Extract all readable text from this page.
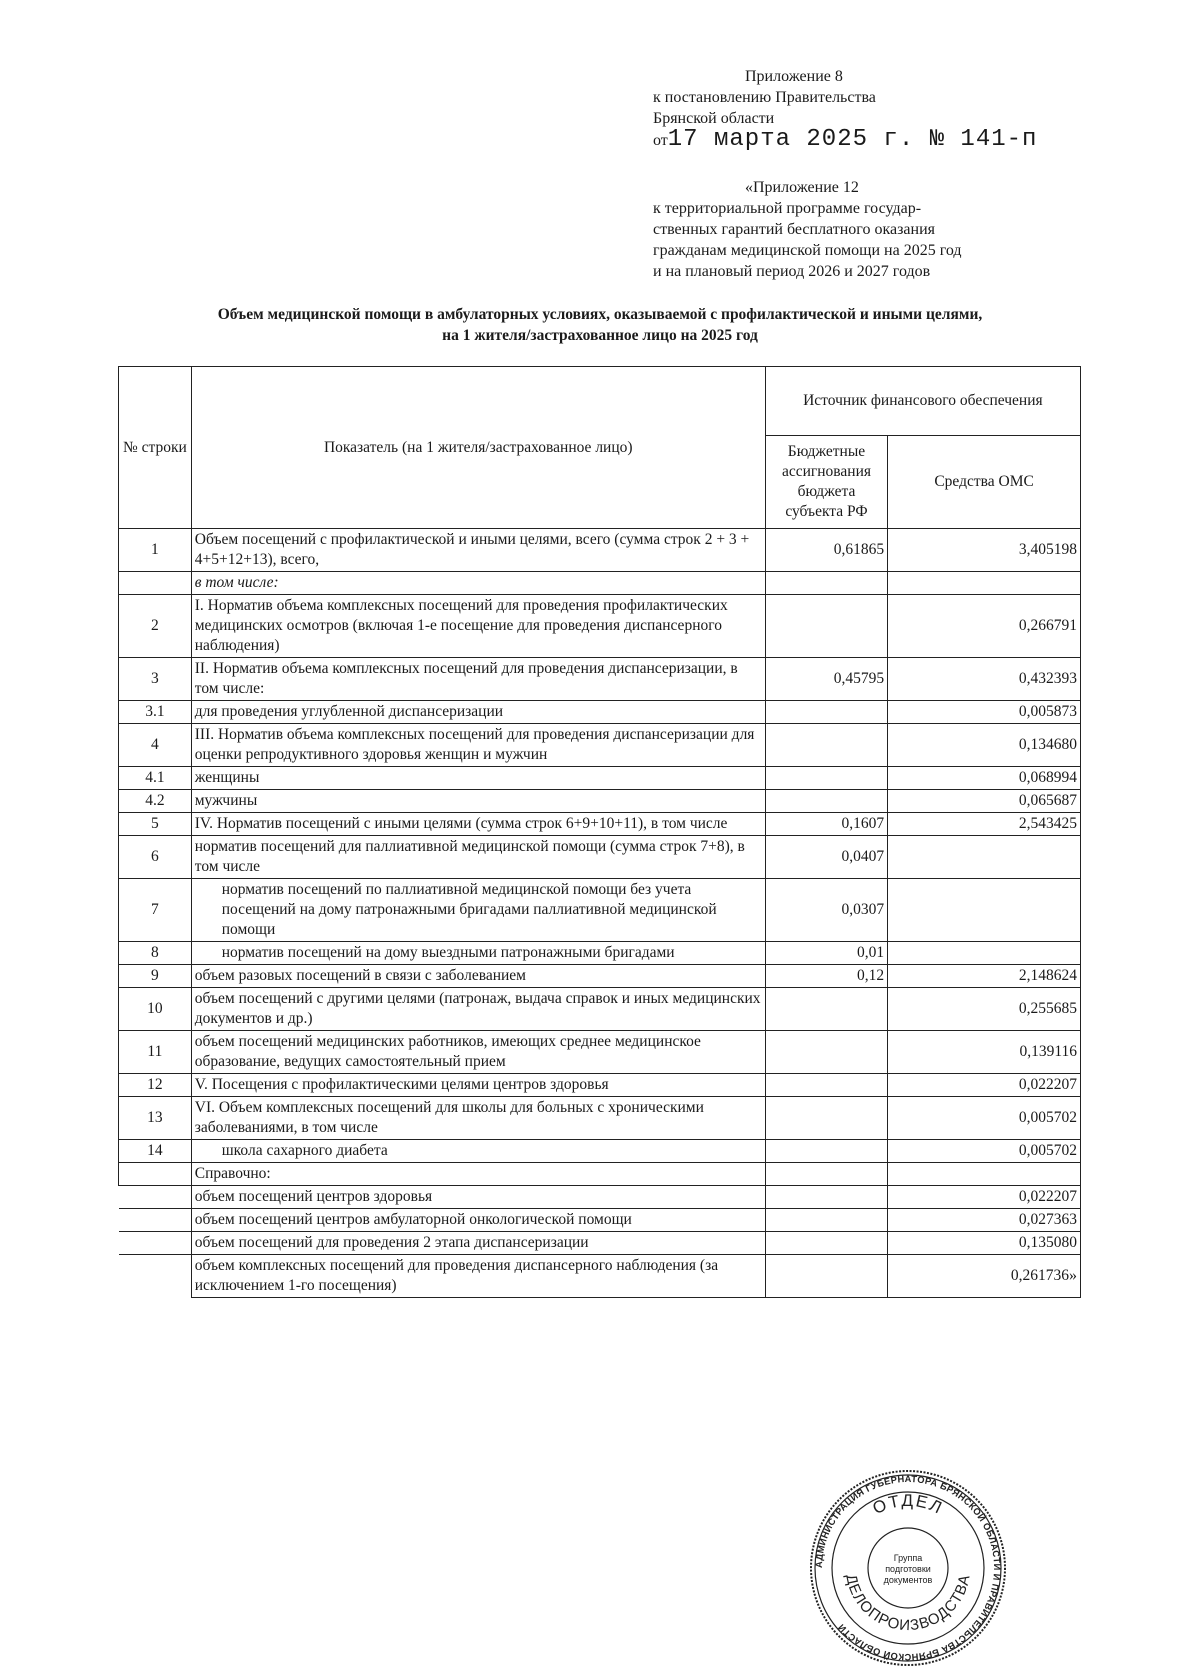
Приложение 8
к постановлению Правительства
Брянской области
от17 марта 2025 г. № 141-п
«Приложение 12
к территориальной программе государ-
ственных гарантий бесплатного оказания
гражданам медицинской помощи на 2025 год
и на плановый период 2026 и 2027 годов
Объем медицинской помощи в амбулаторных условиях, оказываемой с профилактической и иными целями,
на 1 жителя/застрахованное лицо на 2025 год
№ строки	Показатель (на 1 жителя/застрахованное лицо)	Источник финансового обеспечения	
		Бюджетные ассигнования бюджета субъекта РФ	Средства ОМС
1	Объем посещений с профилактической и иными целями, всего (сумма строк 2 + 3 + 4+5+12+13), всего,	0,61865	3,405198
	в том числе:		
2	I. Норматив объема комплексных посещений для проведения профилактических медицинских осмотров (включая 1-е посещение для проведения диспансерного наблюдения)		0,266791
3	II. Норматив объема комплексных посещений для проведения диспансеризации, в том числе:	0,45795	0,432393
3.1	для проведения углубленной диспансеризации		0,005873
4	III. Норматив объема комплексных посещений для проведения диспансеризации для оценки репродуктивного здоровья женщин и мужчин		0,134680
4.1	женщины		0,068994
4.2	мужчины		0,065687
5	IV. Норматив посещений с иными целями (сумма строк 6+9+10+11), в том числе	0,1607	2,543425
6	норматив посещений для паллиативной медицинской помощи (сумма строк 7+8), в том числе	0,0407	
7	норматив посещений по паллиативной медицинской помощи без учета посещений на дому патронажными бригадами паллиативной медицинской помощи	0,0307	
8	норматив посещений на дому выездными патронажными бригадами	0,01	
9	объем разовых посещений в связи с заболеванием	0,12	2,148624
10	объем посещений с другими целями (патронаж, выдача справок и иных медицинских документов и др.)		0,255685
11	объем посещений медицинских работников, имеющих среднее медицинское образование, ведущих самостоятельный прием		0,139116
12	V. Посещения с профилактическими целями центров здоровья		0,022207
13	VI. Объем комплексных посещений для школы для больных с хроническими заболеваниями, в том числе		0,005702
14	школа сахарного диабета		0,005702
	Справочно:		
	объем посещений центров здоровья		0,022207
	объем посещений центров амбулаторной онкологической помощи		0,027363
	объем посещений для проведения 2 этапа диспансеризации		0,135080
	объем комплексных посещений для проведения диспансерного наблюдения (за исключением 1-го посещения)		0,261736»
АДМИНИСТРАЦИЯ ГУБЕРНАТОРА БРЯНСКОЙ ОБЛАСТИ И ПРАВИТЕЛЬСТВА БРЯНСКОЙ ОБЛАСТИ
ОТДЕЛ
ДЕЛОПРОИЗВОДСТВА
Группа
подготовки
документов
